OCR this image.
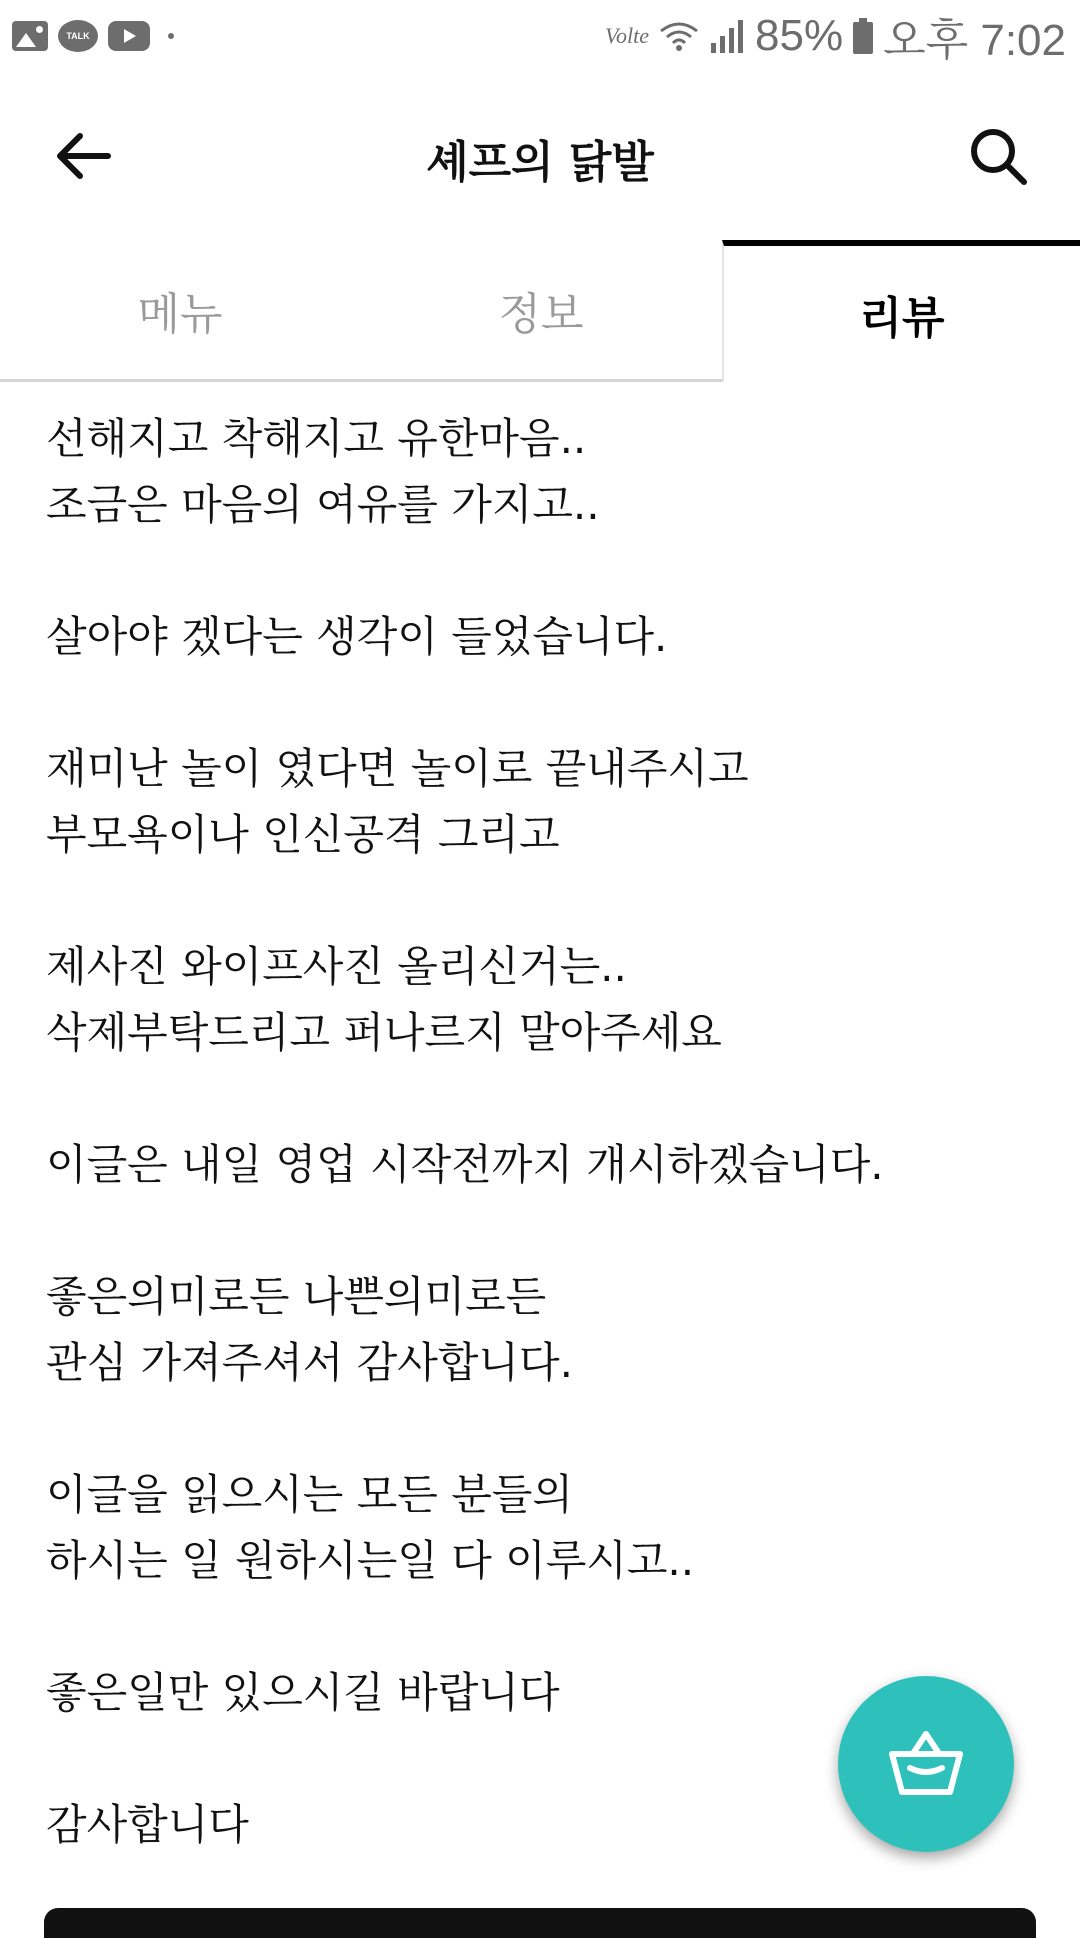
TALK	Volte 85% 오후 7:02
셰프의 닭발
메뉴	정보	리뷰
선해지고 착해지고 유한마음..
조금은 마음의 여유를 가지고..
살아야 겠다는 생각이 들었습니다.
재미난 놀이 였다면 놀이로 끝내주시고
부모욕이나 인신공격 그리고
제사진 와이프사진 올리신거는..
삭제부탁드리고 퍼나르지 말아주세요
이글은 내일 영업 시작전까지 개시하겠습니다.
좋은의미로든 나쁜의미로든
관심 가져주셔서 감사합니다.
이글을 읽으시는 모든 분들의
하시는 일 원하시는일 다 이루시고..
좋은일만 있으시길 바랍니다
감사합니다
